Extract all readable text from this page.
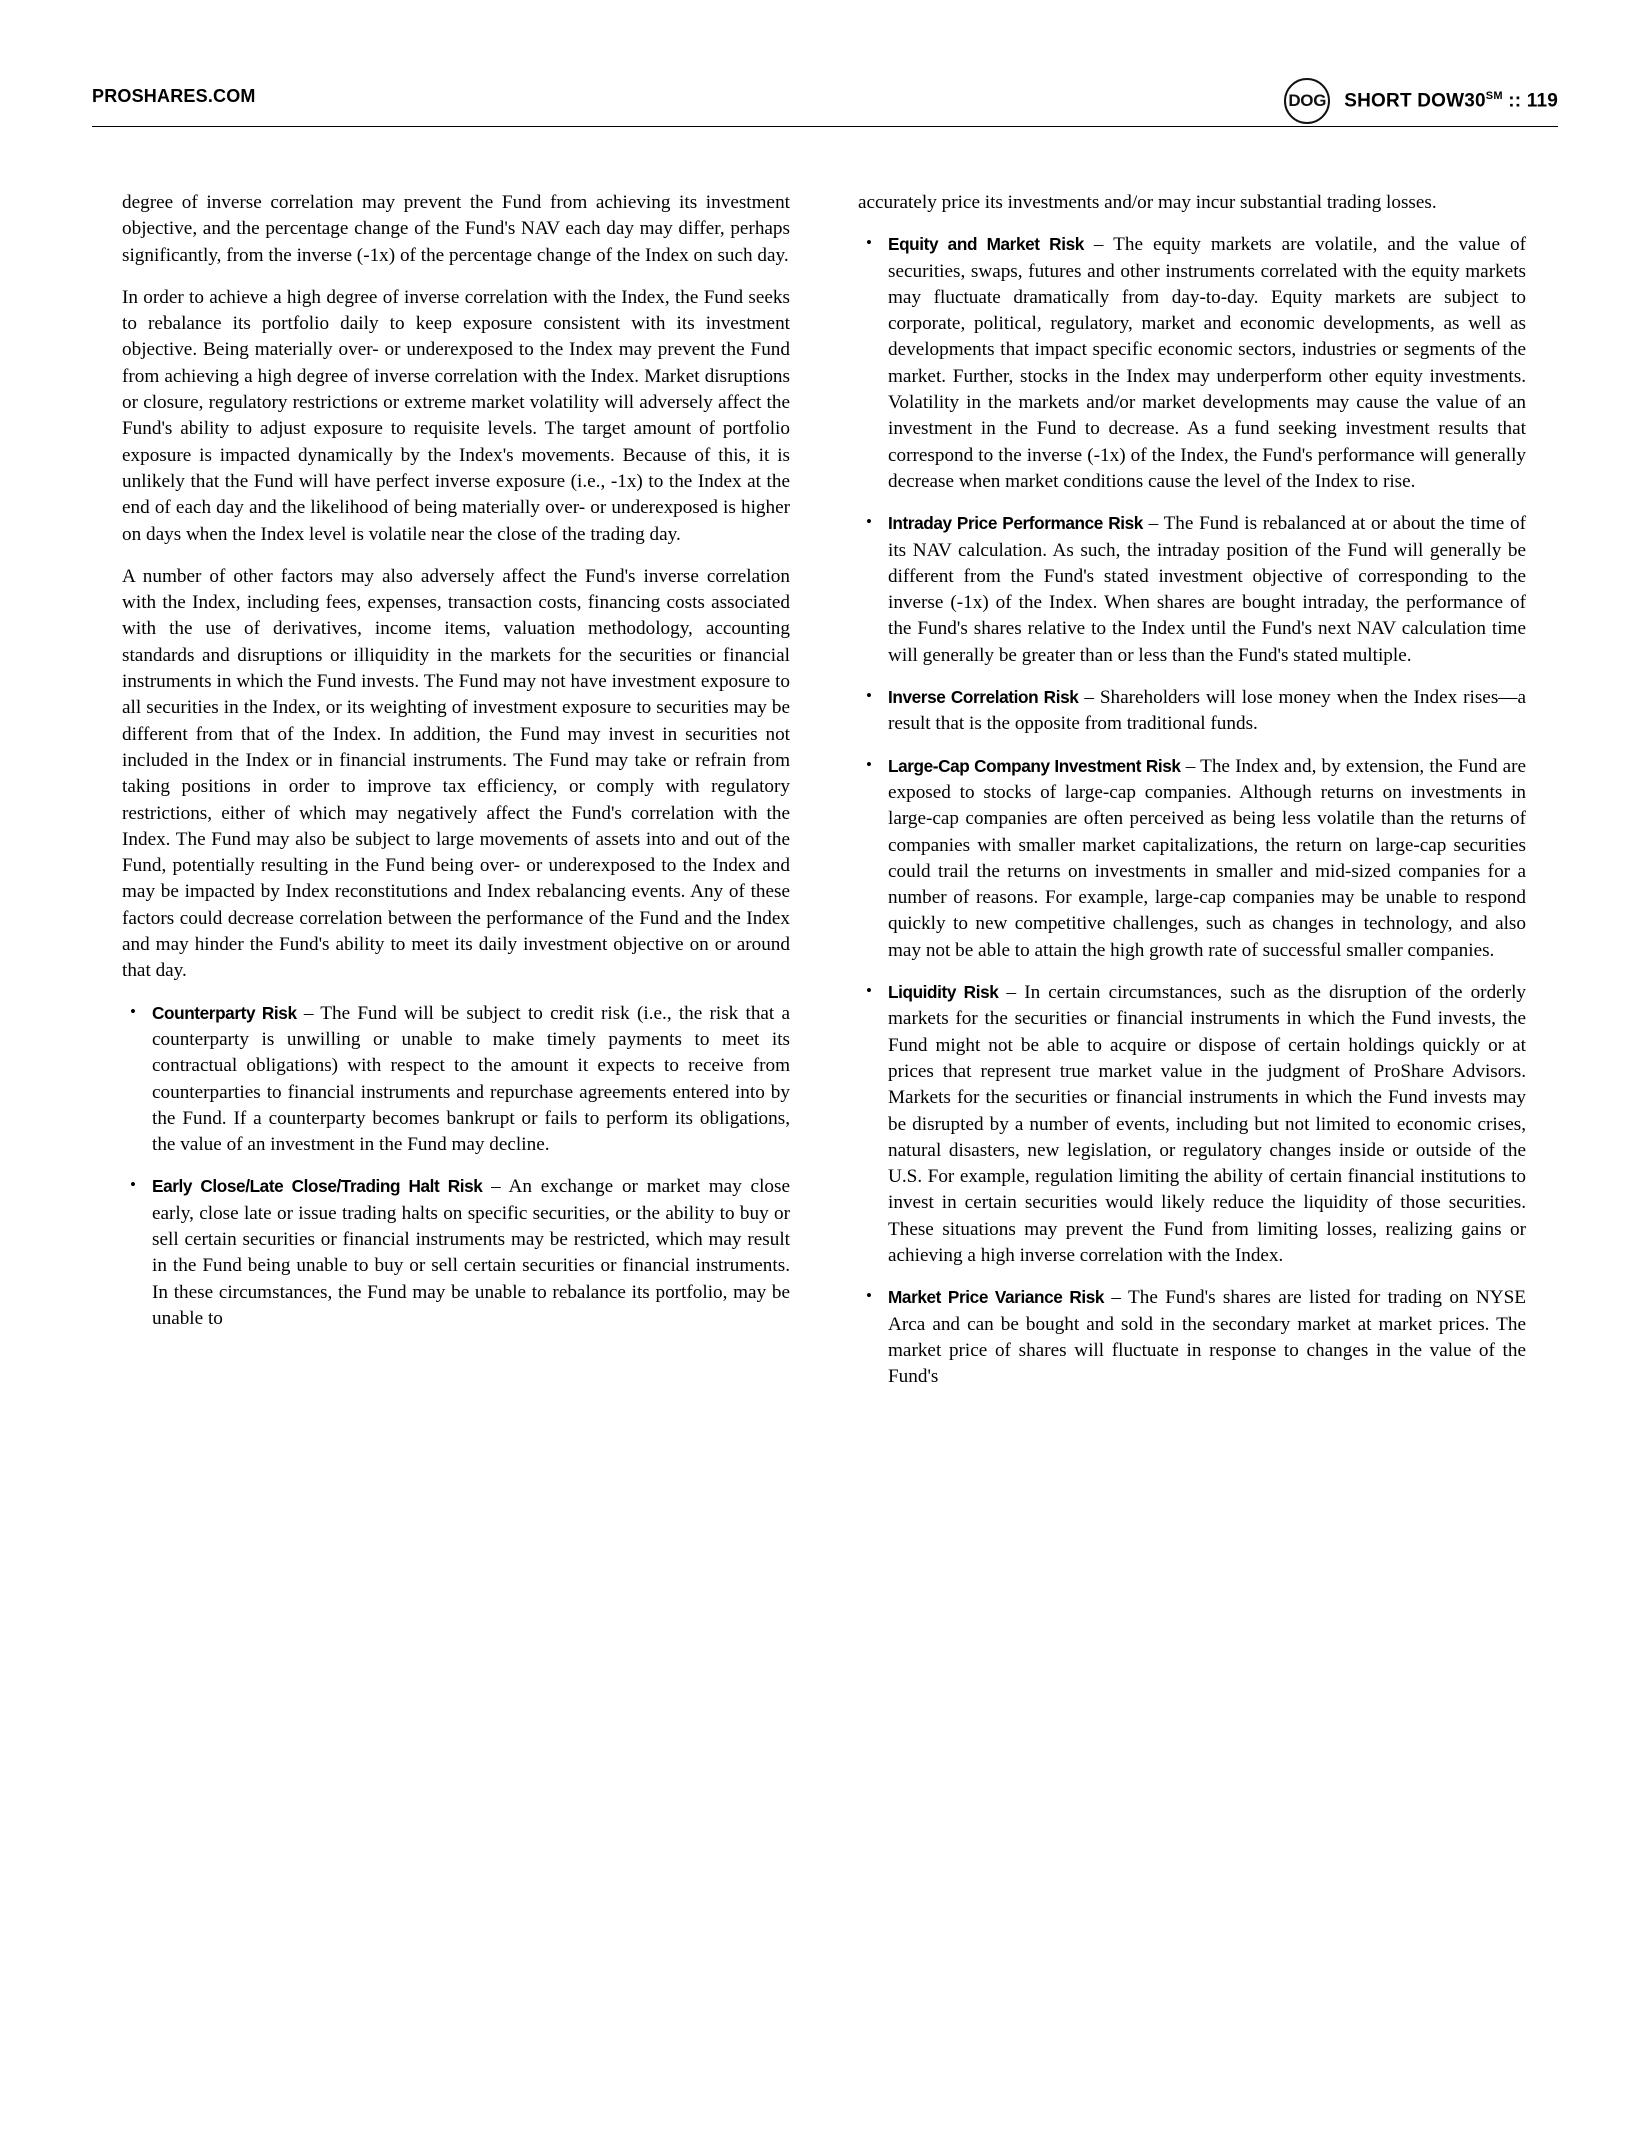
PROSHARES.COM	DOG SHORT DOW30℠ :: 119

degree of inverse correlation may prevent the Fund from achieving its investment objective, and the percentage change of the Fund's NAV each day may differ, perhaps significantly, from the inverse (-1x) of the percentage change of the Index on such day.

In order to achieve a high degree of inverse correlation with the Index, the Fund seeks to rebalance its portfolio daily to keep exposure consistent with its investment objective. Being materially over- or underexposed to the Index may prevent the Fund from achieving a high degree of inverse correlation with the Index. Market disruptions or closure, regulatory restrictions or extreme market volatility will adversely affect the Fund's ability to adjust exposure to requisite levels. The target amount of portfolio exposure is impacted dynamically by the Index's movements. Because of this, it is unlikely that the Fund will have perfect inverse exposure (i.e., -1x) to the Index at the end of each day and the likelihood of being materially over- or underexposed is higher on days when the Index level is volatile near the close of the trading day.

A number of other factors may also adversely affect the Fund's inverse correlation with the Index, including fees, expenses, transaction costs, financing costs associated with the use of derivatives, income items, valuation methodology, accounting standards and disruptions or illiquidity in the markets for the securities or financial instruments in which the Fund invests. The Fund may not have investment exposure to all securities in the Index, or its weighting of investment exposure to securities may be different from that of the Index. In addition, the Fund may invest in securities not included in the Index or in financial instruments. The Fund may take or refrain from taking positions in order to improve tax efficiency, or comply with regulatory restrictions, either of which may negatively affect the Fund's correlation with the Index. The Fund may also be subject to large movements of assets into and out of the Fund, potentially resulting in the Fund being over- or underexposed to the Index and may be impacted by Index reconstitutions and Index rebalancing events. Any of these factors could decrease correlation between the performance of the Fund and the Index and may hinder the Fund's ability to meet its daily investment objective on or around that day.

• Counterparty Risk – The Fund will be subject to credit risk (i.e., the risk that a counterparty is unwilling or unable to make timely payments to meet its contractual obligations) with respect to the amount it expects to receive from counterparties to financial instruments and repurchase agreements entered into by the Fund. If a counterparty becomes bankrupt or fails to perform its obligations, the value of an investment in the Fund may decline.
• Early Close/Late Close/Trading Halt Risk – An exchange or market may close early, close late or issue trading halts on specific securities, or the ability to buy or sell certain securities or financial instruments may be restricted, which may result in the Fund being unable to buy or sell certain securities or financial instruments. In these circumstances, the Fund may be unable to rebalance its portfolio, may be unable to

accurately price its investments and/or may incur substantial trading losses.

• Equity and Market Risk – The equity markets are volatile, and the value of securities, swaps, futures and other instruments correlated with the equity markets may fluctuate dramatically from day-to-day. Equity markets are subject to corporate, political, regulatory, market and economic developments, as well as developments that impact specific economic sectors, industries or segments of the market. Further, stocks in the Index may underperform other equity investments. Volatility in the markets and/or market developments may cause the value of an investment in the Fund to decrease. As a fund seeking investment results that correspond to the inverse (-1x) of the Index, the Fund's performance will generally decrease when market conditions cause the level of the Index to rise.
• Intraday Price Performance Risk – The Fund is rebalanced at or about the time of its NAV calculation. As such, the intraday position of the Fund will generally be different from the Fund's stated investment objective of corresponding to the inverse (-1x) of the Index. When shares are bought intraday, the performance of the Fund's shares relative to the Index until the Fund's next NAV calculation time will generally be greater than or less than the Fund's stated multiple.
• Inverse Correlation Risk – Shareholders will lose money when the Index rises—a result that is the opposite from traditional funds.
• Large-Cap Company Investment Risk – The Index and, by extension, the Fund are exposed to stocks of large-cap companies. Although returns on investments in large-cap companies are often perceived as being less volatile than the returns of companies with smaller market capitalizations, the return on large-cap securities could trail the returns on investments in smaller and mid-sized companies for a number of reasons. For example, large-cap companies may be unable to respond quickly to new competitive challenges, such as changes in technology, and also may not be able to attain the high growth rate of successful smaller companies.
• Liquidity Risk – In certain circumstances, such as the disruption of the orderly markets for the securities or financial instruments in which the Fund invests, the Fund might not be able to acquire or dispose of certain holdings quickly or at prices that represent true market value in the judgment of ProShare Advisors. Markets for the securities or financial instruments in which the Fund invests may be disrupted by a number of events, including but not limited to economic crises, natural disasters, new legislation, or regulatory changes inside or outside of the U.S. For example, regulation limiting the ability of certain financial institutions to invest in certain securities would likely reduce the liquidity of those securities. These situations may prevent the Fund from limiting losses, realizing gains or achieving a high inverse correlation with the Index.
• Market Price Variance Risk – The Fund's shares are listed for trading on NYSE Arca and can be bought and sold in the secondary market at market prices. The market price of shares will fluctuate in response to changes in the value of the Fund's
